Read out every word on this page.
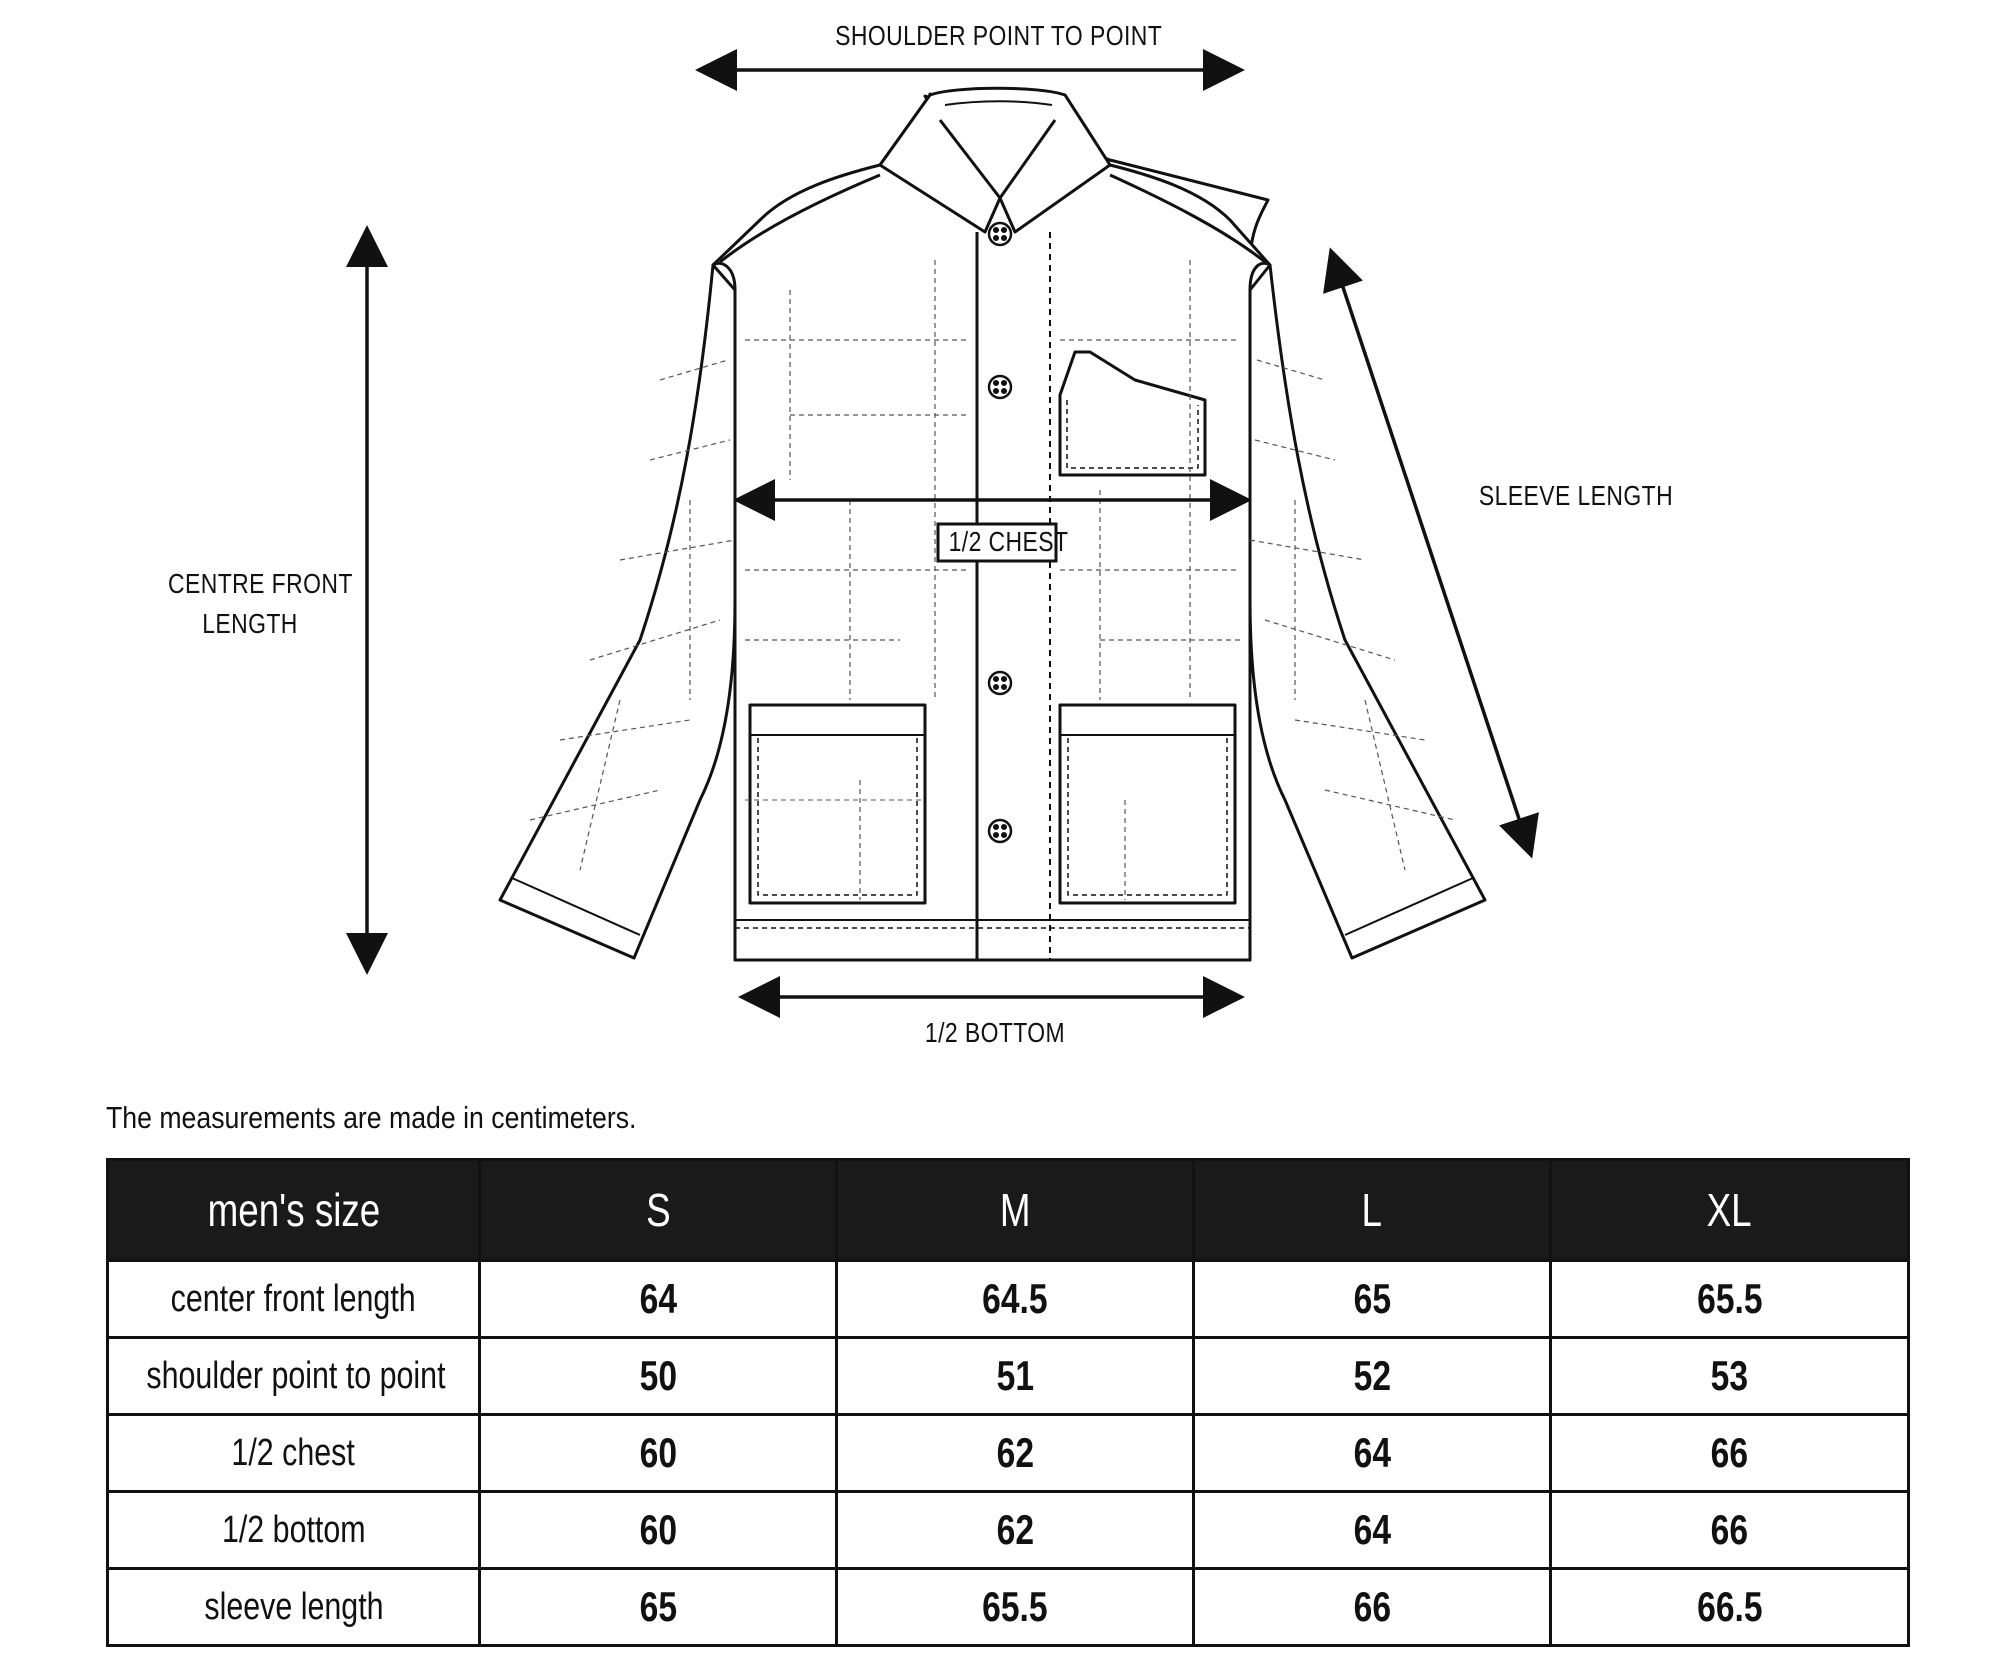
SHOULDER POINT TO POINT
SLEEVE LENGTH
CENTRE FRONT
LENGTH
1/2 CHEST
1/2 BOTTOM
The measurements are made in centimeters.
men's size	S	M	L	XL
center front length	64	64.5	65	65.5
shoulder point to point	50	51	52	53
1/2 chest	60	62	64	66
1/2 bottom	60	62	64	66
sleeve length	65	65.5	66	66.5
